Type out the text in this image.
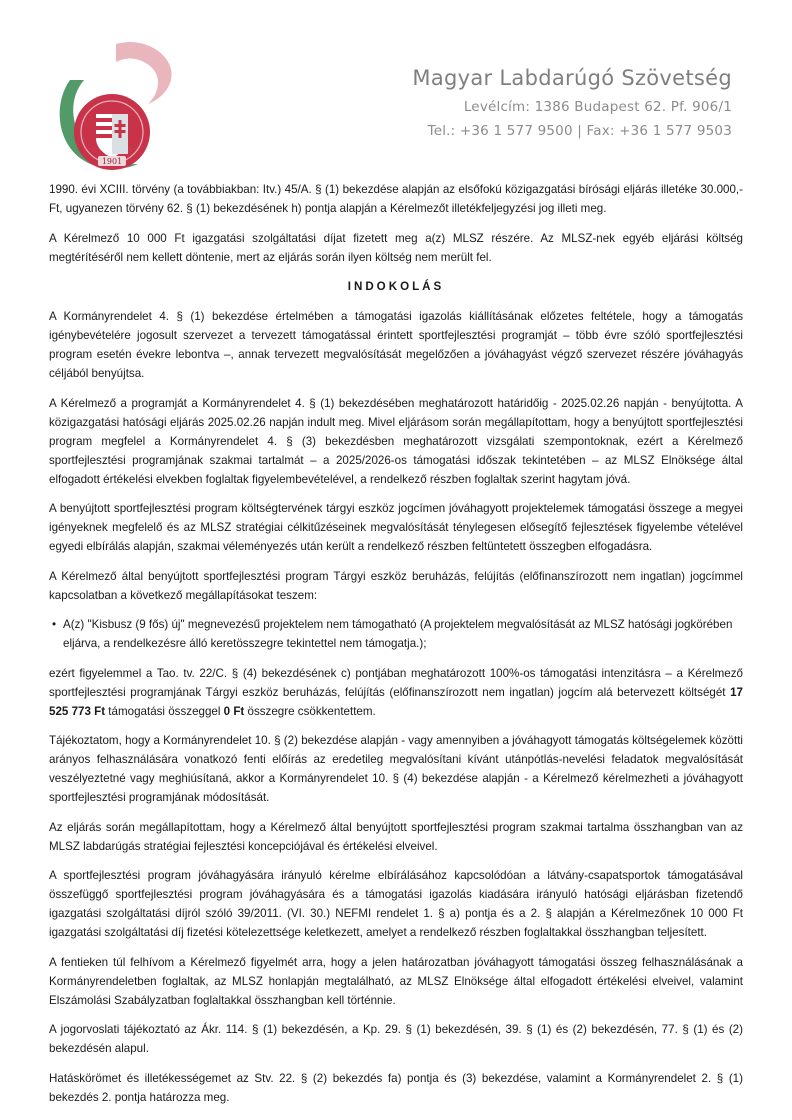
1901
Magyar Labdarúgó Szövetség
Levélcím: 1386 Budapest 62. Pf. 906/1
Tel.: +36 1 577 9500 | Fax: +36 1 577 9503

1990. évi XCIII. törvény (a továbbiakban: Itv.) 45/A. § (1) bekezdése alapján az elsőfokú közigazgatási bírósági eljárás illetéke 30.000,- Ft, ugyanezen törvény 62. § (1) bekezdésének h) pontja alapján a Kérelmezőt illetékfeljegyzési jog illeti meg.

A Kérelmező 10 000 Ft igazgatási szolgáltatási díjat fizetett meg a(z) MLSZ részére. Az MLSZ-nek egyéb eljárási költség megtérítéséről nem kellett döntenie, mert az eljárás során ilyen költség nem merült fel.

INDOKOLÁS

A Kormányrendelet 4. § (1) bekezdése értelmében a támogatási igazolás kiállításának előzetes feltétele, hogy a támogatás igénybevételére jogosult szervezet a tervezett támogatással érintett sportfejlesztési programját – több évre szóló sportfejlesztési program esetén évekre lebontva –, annak tervezett megvalósítását megelőzően a jóváhagyást végző szervezet részére jóváhagyás céljából benyújtsa.

A Kérelmező a programját a Kormányrendelet 4. § (1) bekezdésében meghatározott határidőig - 2025.02.26 napján - benyújtotta. A közigazgatási hatósági eljárás 2025.02.26 napján indult meg. Mivel eljárásom során megállapítottam, hogy a benyújtott sportfejlesztési program megfelel a Kormányrendelet 4. § (3) bekezdésben meghatározott vizsgálati szempontoknak, ezért a Kérelmező sportfejlesztési programjának szakmai tartalmát – a 2025/2026-os támogatási időszak tekintetében – az MLSZ Elnöksége által elfogadott értékelési elvekben foglaltak figyelembevételével, a rendelkező részben foglaltak szerint hagytam jóvá.

A benyújtott sportfejlesztési program költségtervének tárgyi eszköz jogcímen jóváhagyott projektelemek támogatási összege a megyei igényeknek megfelelő és az MLSZ stratégiai célkitűzéseinek megvalósítását ténylegesen elősegítő fejlesztések figyelembe vételével egyedi elbírálás alapján, szakmai véleményezés után került a rendelkező részben feltüntetett összegben elfogadásra.

A Kérelmező által benyújtott sportfejlesztési program Tárgyi eszköz beruházás, felújítás (előfinanszírozott nem ingatlan) jogcímmel kapcsolatban a következő megállapításokat teszem:

• A(z) "Kisbusz (9 fős) új" megnevezésű projektelem nem támogatható (A projektelem megvalósítását az MLSZ hatósági jogkörében eljárva, a rendelkezésre álló keretösszegre tekintettel nem támogatja.);

ezért figyelemmel a Tao. tv. 22/C. § (4) bekezdésének c) pontjában meghatározott 100%-os támogatási intenzitásra – a Kérelmező sportfejlesztési programjának Tárgyi eszköz beruházás, felújítás (előfinanszírozott nem ingatlan) jogcím alá betervezett költségét 17 525 773 Ft támogatási összeggel 0 Ft összegre csökkentettem.

Tájékoztatom, hogy a Kormányrendelet 10. § (2) bekezdése alapján - vagy amennyiben a jóváhagyott támogatás költségelemek közötti arányos felhasználására vonatkozó fenti előírás az eredetileg megvalósítani kívánt utánpótlás-nevelési feladatok megvalósítását veszélyeztetné vagy meghiúsítaná, akkor a Kormányrendelet 10. § (4) bekezdése alapján - a Kérelmező kérelmezheti a jóváhagyott sportfejlesztési programjának módosítását.

Az eljárás során megállapítottam, hogy a Kérelmező által benyújtott sportfejlesztési program szakmai tartalma összhangban van az MLSZ labdarúgás stratégiai fejlesztési koncepciójával és értékelési elveivel.

A sportfejlesztési program jóváhagyására irányuló kérelme elbírálásához kapcsolódóan a látvány-csapatsportok támogatásával összefüggő sportfejlesztési program jóváhagyására és a támogatási igazolás kiadására irányuló hatósági eljárásban fizetendő igazgatási szolgáltatási díjról szóló 39/2011. (VI. 30.) NEFMI rendelet 1. § a) pontja és a 2. § alapján a Kérelmezőnek 10 000 Ft igazgatási szolgáltatási díj fizetési kötelezettsége keletkezett, amelyet a rendelkező részben foglaltakkal összhangban teljesített.

A fentieken túl felhívom a Kérelmező figyelmét arra, hogy a jelen határozatban jóváhagyott támogatási összeg felhasználásának a Kormányrendeletben foglaltak, az MLSZ honlapján megtalálható, az MLSZ Elnöksége által elfogadott értékelési elveivel, valamint Elszámolási Szabályzatban foglaltakkal összhangban kell történnie.

A jogorvoslati tájékoztató az Ákr. 114. § (1) bekezdésén, a Kp. 29. § (1) bekezdésén, 39. § (1) és (2) bekezdésén, 77. § (1) és (2) bekezdésén alapul.

Hatáskörömet és illetékességemet az Stv. 22. § (2) bekezdés fa) pontja és (3) bekezdése, valamint a Kormányrendelet 2. § (1) bekezdés 2. pontja határozza meg.
